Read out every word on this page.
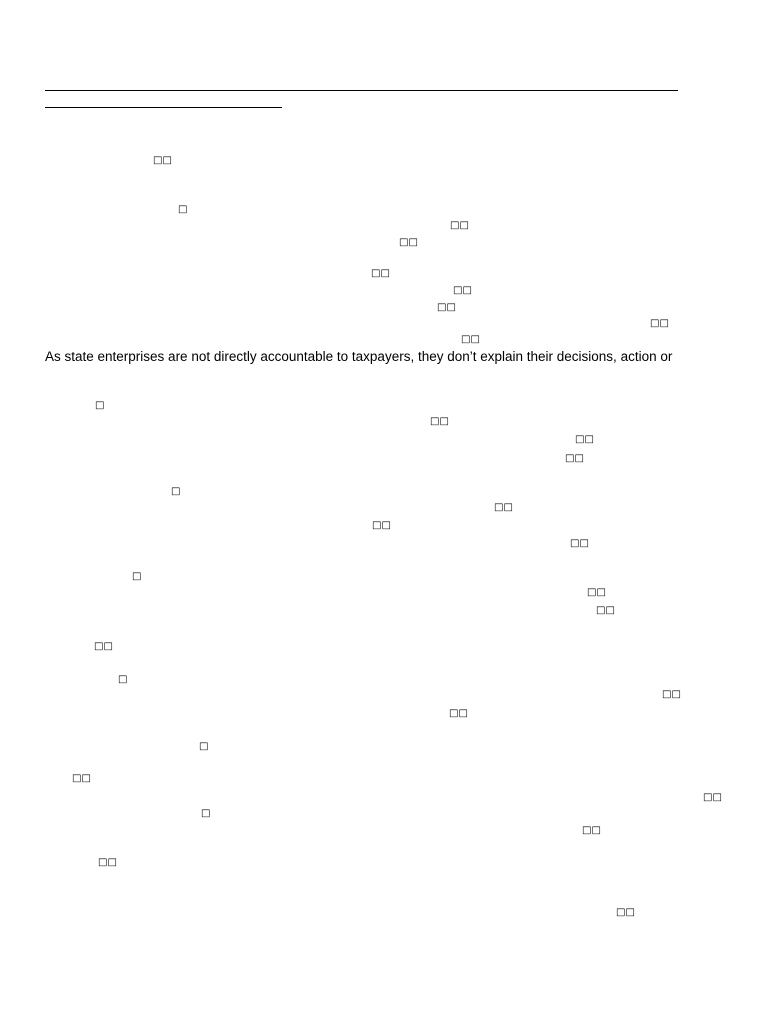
□□
□
□□
□□
□□
□□
□□
□□
□□
As state enterprises are not directly accountable to taxpayers, they don’t explain their decisions, action or
□
□□
□□
□□
□
□□
□□
□□
□
□□
□□
□□
□
□□
□□
□
□□
□□
□
□□
□□
□□
